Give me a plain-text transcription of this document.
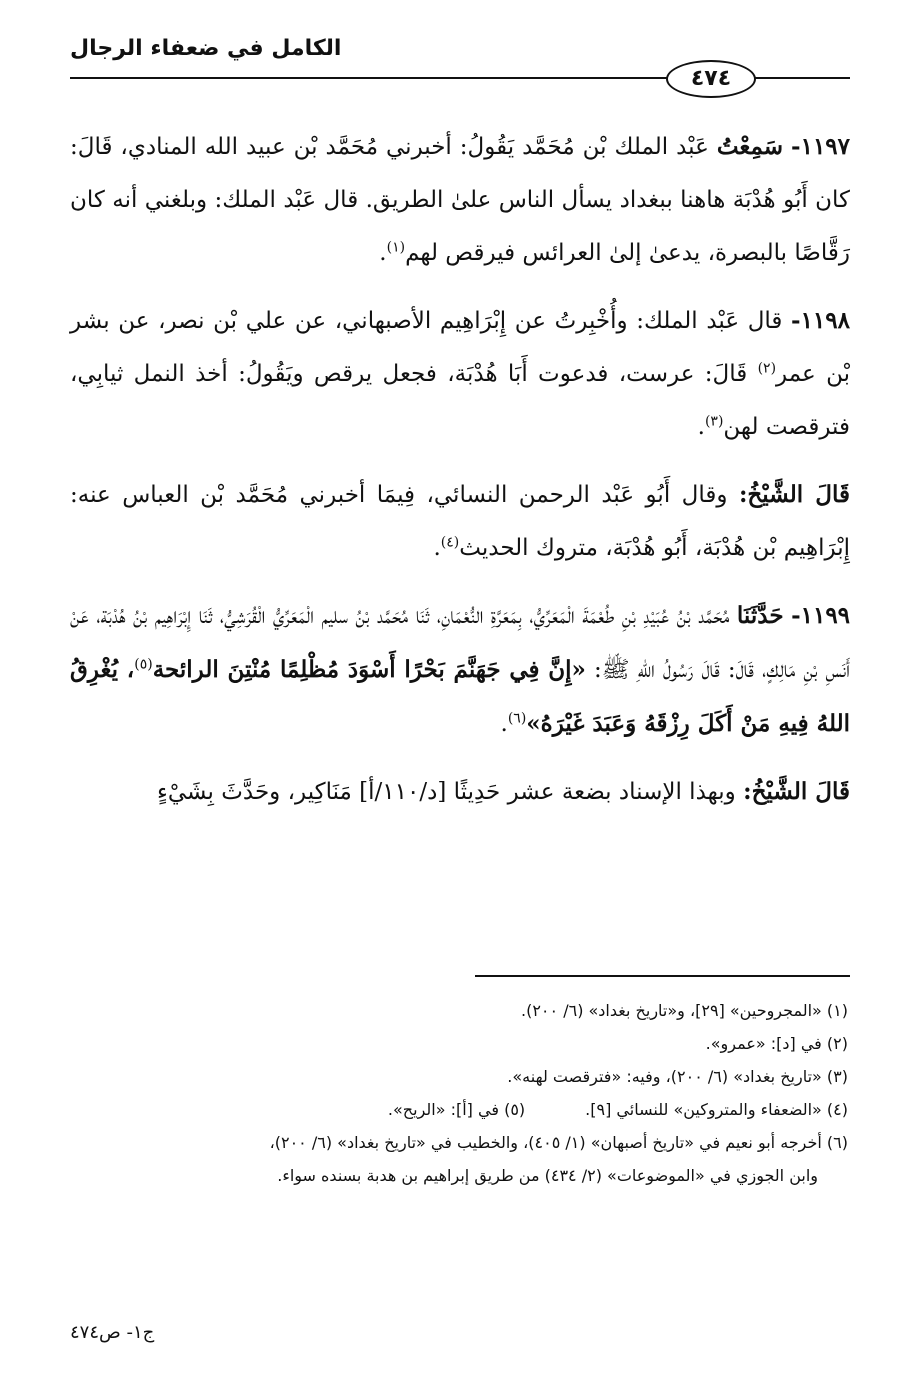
الكامل في ضعفاء الرجال
٤٧٤

١١٩٧- سَمِعْتُ عَبْد الملك بْن مُحَمَّد يَقُولُ: أخبرني مُحَمَّد بْن عبيد الله المنادي، قَالَ: كان أَبُو هُدْبَة هاهنا ببغداد يسأل الناس علىٰ الطريق. قال عَبْد الملك: وبلغني أنه كان رَقَّاصًا بالبصرة، يدعىٰ إلىٰ العرائس فيرقص لهم$^{(١)}$.

١١٩٨- قال عَبْد الملك: وأُخْبِرتُ عن إِبْرَاهِيم الأصبهاني، عن علي بْن نصر، عن بشر بْن عمر$^{(٢)}$ قَالَ: عرست، فدعوت أَبَا هُدْبَة، فجعل يرقص ويَقُولُ: أخذ النمل ثيابِي، فترقصت لهن$^{(٣)}$.

قَالَ الشَّيْخُ: وقال أَبُو عَبْد الرحمن النسائي، فِيمَا أخبرني مُحَمَّد بْن العباس عنه: إِبْرَاهِيم بْن هُدْبَة، أَبُو هُدْبَة، متروك الحديث$^{(٤)}$.

١١٩٩- حَدَّثَنَا مُحَمَّد بْنُ عُبَيْدِ بْنِ طُعْمَةَ الْمَعَرِّيُّ، بِمَعَرَّةِ النُّعْمَانِ، ثَنَا مُحَمَّد بْنُ سليم الْمَعَرِّيُّ الْقُرَشِيُّ، ثَنَا إِبْرَاهِيم بْنُ هُدْبَة، عَنْ أَنَسِ بْنِ مَالِكٍ، قَالَ: قَالَ رَسُولُ اللهِ ﷺ: «إِنَّ فِي جَهَنَّمَ بَحْرًا أَسْوَدَ مُظْلِمًا مُنْتِنَ الرائحة$^{(٥)}$، يُغْرِقُ اللهُ فِيهِ مَنْ أَكَلَ رِزْقَهُ وَعَبَدَ غَيْرَهُ»$^{(٦)}$.

قَالَ الشَّيْخُ: وبهذا الإسناد بضعة عشر حَدِيثًا [د/١١٠/أ] مَنَاكِير، وحَدَّثَ بِشَيْءٍ

(١) «المجروحين» [٢٩]، و«تاريخ بغداد» (٦/ ٢٠٠).

(٢) في [د]: «عمرو».

(٣) «تاريخ بغداد» (٦/ ٢٠٠)، وفيه: «فترقصت لهنه».

(٤) «الضعفاء والمتروكين» للنسائي [٩].
(٥) في [أ]: «الريح».

(٦) أخرجه أبو نعيم في «تاريخ أصبهان» (١/ ٤٠٥)، والخطيب في «تاريخ بغداد» (٦/ ٢٠٠)،

وابن الجوزي في «الموضوعات» (٢/ ٤٣٤) من طريق إبراهيم بن هدبة بسنده سواء.

ج١- ص٤٧٤
